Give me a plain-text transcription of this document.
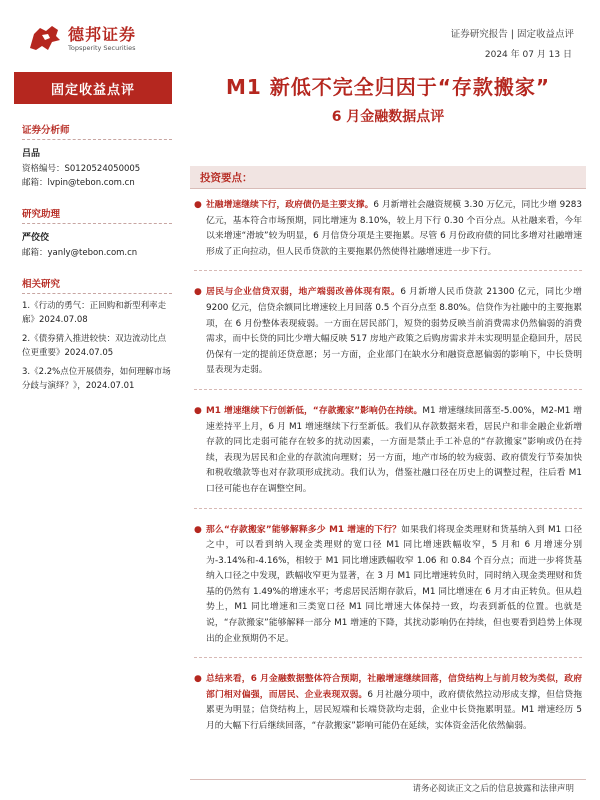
德邦证券
Topsperity Securities
证券研究报告 | 固定收益点评
2024 年 07 月 13 日
固定收益点评
证券分析师
吕品
资格编号：S0120524050005
邮箱：lvpin@tebon.com.cn
研究助理
严佼佼
邮箱：yanly@tebon.com.cn
相关研究
1.《行动的勇气：正回购和新型利率走廊》2024.07.08
2.《债券猜入推进较快：双边流动比点位更重要》2024.07.05
3.《2.2%点位开展债券，如何理解市场分歧与演绎？》，2024.07.01
M1 新低不完全归因于“存款搬家”
6 月金融数据点评
投资要点：
● 社融增速继续下行，政府债仍是主要支撑。6 月新增社会融资规模 3.30 万亿元，同比少增 9283 亿元，基本符合市场预期，同比增速为 8.10%，较上月下行 0.30 个百分点。从社融来看，今年以来增速“滑坡”较为明显，6 月信贷分项是主要拖累。尽管 6 月份政府债的同比多增对社融增速形成了正向拉动，但人民币贷款的主要拖累仍然使得社融增速进一步下行。
● 居民与企业信贷双弱，地产端弱改善体现有限。6 月新增人民币贷款 21300 亿元，同比少增 9200 亿元，信贷余额同比增速较上月回落 0.5 个百分点至 8.80%。信贷作为社融中的主要拖累项，在 6 月份整体表现疲弱。一方面在居民部门，短贷的弱势反映当前消费需求仍然偏弱的消费需求，而中长贷的同比少增大幅反映 517 房地产政策之后购房需求并未实现明显企稳回升，居民仍保有一定的提前还贷意愿；另一方面，企业部门在缺水分和融资意愿偏弱的影响下，中长贷明显表现为走弱。
● M1 增速继续下行创新低，“存款搬家”影响仍在持续。M1 增速继续回落至-5.00%，M2-M1 增速差持平上月，6 月 M1 增速继续下行至新低。我们从存款数据来看，居民户和非金融企业新增存款的同比走弱可能存在较多的扰动因素，一方面是禁止手工补息的“存款搬家”影响或仍在持续，表现为居民和企业的存款流向理财；另一方面，地产市场的较为疲弱、政府债发行节奏加快和税收缴款等也对存款项形成扰动。我们认为，借鉴社融口径在历史上的调整过程，往后看 M1 口径可能也存在调整空间。
● 那么“存款搬家”能够解释多少 M1 增速的下行？如果我们将现金类理财和货基纳入到 M1 口径之中，可以看到纳入现金类理财的宽口径 M1 同比增速跌幅收窄，5 月和 6 月增速分别为-3.14%和-4.16%，相较于 M1 同比增速跌幅收窄 1.06 和 0.84 个百分点；而进一步将货基纳入口径之中发现，跌幅收窄更为显著，在 3 月 M1 同比增速转负时，同时纳入现金类理财和货基的仍然有 1.49%的增速水平；考虑居民活期存款后，M1 同比增速在 6 月才由正转负。但从趋势上，M1 同比增速和三类宽口径 M1 同比增速大体保持一致，均表到新低的位置。也就是说，“存款搬家”能够解释一部分 M1 增速的下降，其扰动影响仍在持续，但也要看到趋势上体现出的企业预期仍不足。
● 总结来看，6 月金融数据整体符合预期，社融增速继续回落，信贷结构上与前月较为类似，政府部门相对偏强，而居民、企业表现双弱。6 月社融分项中，政府债依然拉动形成支撑，但信贷拖累更为明显；信贷结构上，居民短端和长端贷款均走弱，企业中长贷拖累明显。M1 增速经历 5 月的大幅下行后继续回落，“存款搬家”影响可能仍在延续，实体资金活化依然偏弱。
请务必阅读正文之后的信息披露和法律声明
